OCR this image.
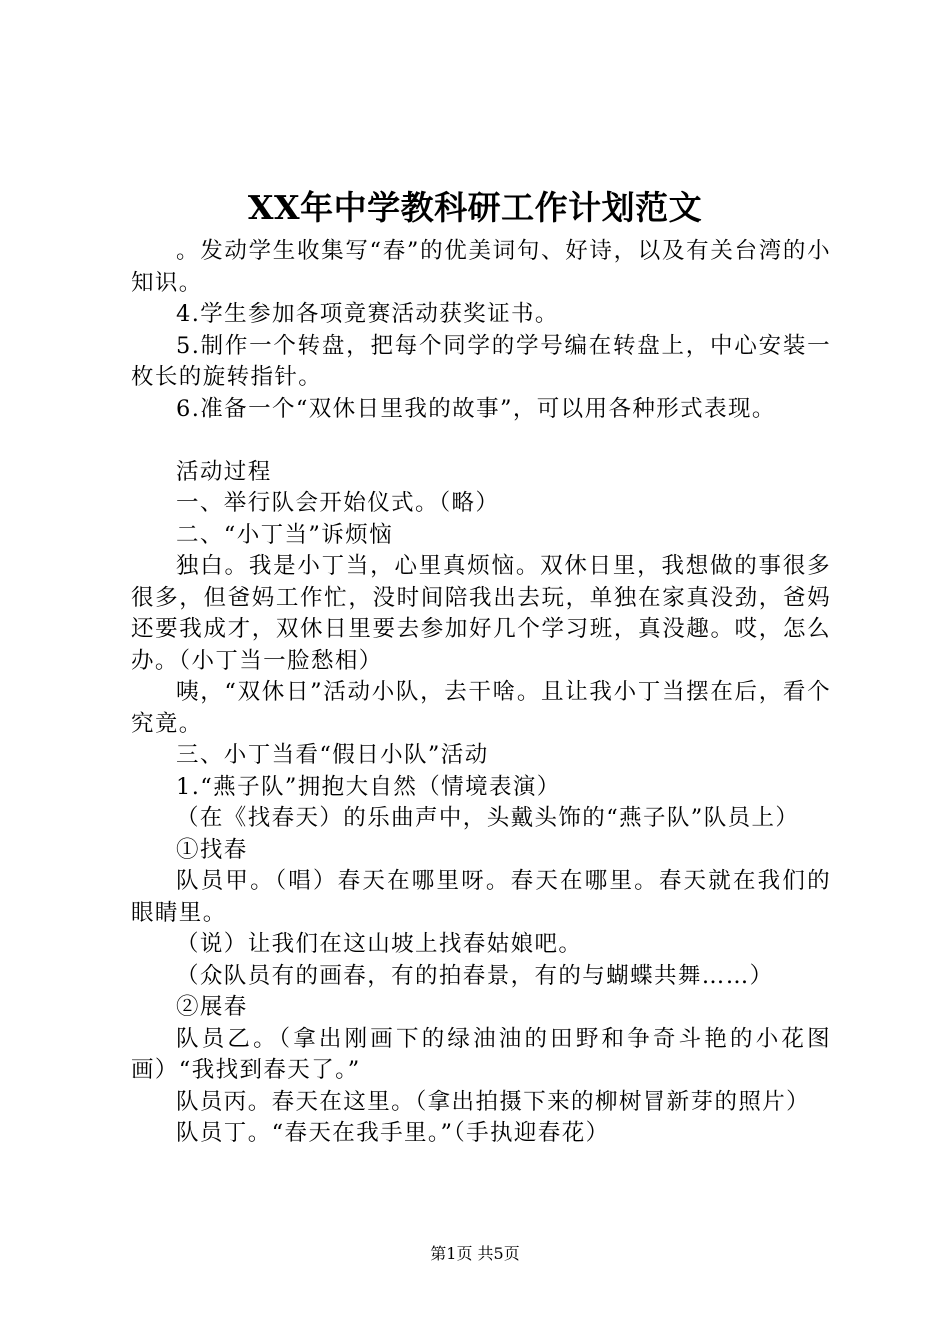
XX年中学教科研工作计划范文

。发动学生收集写“春”的优美词句、好诗，以及有关台湾的小知识。

4.学生参加各项竟赛活动获奖证书。

5.制作一个转盘，把每个同学的学号编在转盘上，中心安装一枚长的旋转指针。

6.准备一个“双休日里我的故事”，可以用各种形式表现。

活动过程

一、举行队会开始仪式。（略）

二、“小丁当”诉烦恼

独白。我是小丁当，心里真烦恼。双休日里，我想做的事很多很多，但爸妈工作忙，没时间陪我出去玩，单独在家真没劲，爸妈还要我成才，双休日里要去参加好几个学习班，真没趣。哎，怎么办。（小丁当一脸愁相）

咦，“双休日”活动小队，去干啥。且让我小丁当摆在后，看个究竟。

三、小丁当看“假日小队”活动

1.“燕子队”拥抱大自然（情境表演）

（在《找春天）的乐曲声中，头戴头饰的“燕子队”队员上）

①找春

队员甲。（唱）春天在哪里呀。春天在哪里。春天就在我们的眼睛里。

（说）让我们在这山坡上找春姑娘吧。

（众队员有的画春，有的拍春景，有的与蝴蝶共舞……）

②展春

队员乙。（拿出刚画下的绿油油的田野和争奇斗艳的小花图画）“我找到春天了。”

队员丙。春天在这里。（拿出拍摄下来的柳树冒新芽的照片）

队员丁。“春天在我手里。”（手执迎春花）

第1页 共5页
